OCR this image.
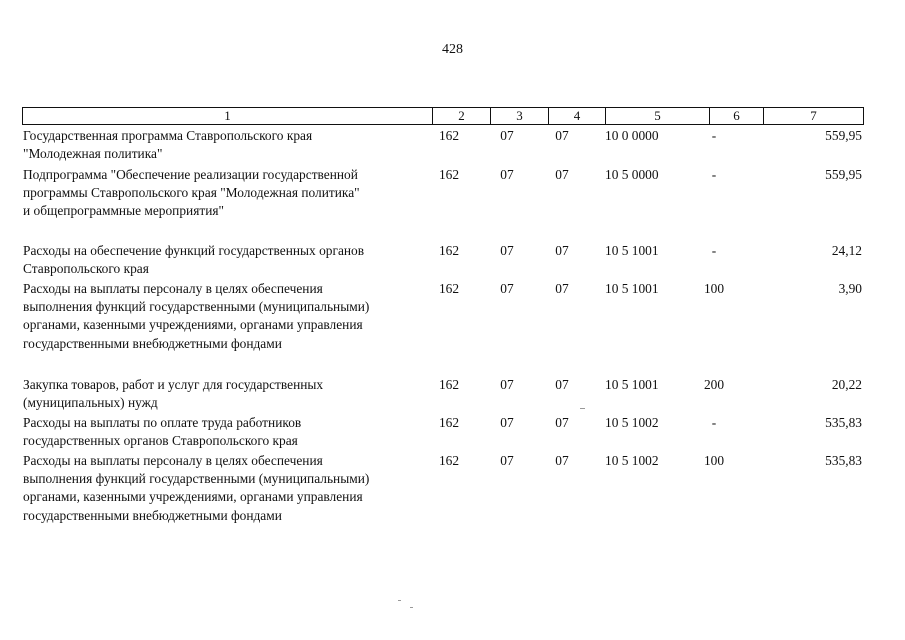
428
1	2	3	4	5	6	7
Государственная программа Ставропольского края
"Молодежная политика"
162	07	07	10 0 0000	-	559,95
Подпрограмма "Обеспечение реализации государственной
программы Ставропольского края "Молодежная политика"
и общепрограммные мероприятия"
162	07	07	10 5 0000	-	559,95
Расходы на обеспечение функций государственных органов
Ставропольского края
162	07	07	10 5 1001	-	24,12
Расходы на выплаты персоналу в целях обеспечения
выполнения функций государственными (муниципальными)
органами, казенными учреждениями, органами управления
государственными внебюджетными фондами
162	07	07	10 5 1001	100	3,90
Закупка товаров, работ и услуг для государственных
(муниципальных) нужд
162	07	07	10 5 1001	200	20,22
Расходы на выплаты по оплате труда работников
государственных органов Ставропольского края
162	07	07	10 5 1002	-	535,83
Расходы на выплаты персоналу в целях обеспечения
выполнения функций государственными (муниципальными)
органами, казенными учреждениями, органами управления
государственными внебюджетными фондами
162	07	07	10 5 1002	100	535,83
